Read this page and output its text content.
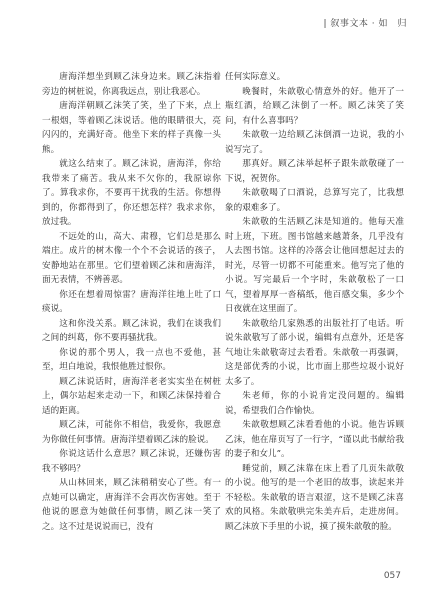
| 叙事文本 · 如　归

唐海洋想坐到顾乙沫身边来。顾乙沫指着旁边的树桩说，你离我远点，别让我恶心。

唐海洋朝顾乙沫笑了笑，坐了下来，点上一根烟，等着顾乙沫说话。他的眼睛很大，亮闪闪的，充满好奇。他坐下来的样子真像一头熊。

就这么结束了。顾乙沫说，唐海洋，你给我带来了痛苦。我从来不欠你的，我原谅你了。算我求你，不要再干扰我的生活。你想得到的，你都得到了，你还想怎样？我求求你，放过我。

不远处的山，高大、肃穆，它们总是那么端庄。成片的树木像一个个不会说话的孩子，安静地站在那里。它们望着顾乙沫和唐海洋，面无表情，不辨善恶。

你还在想着周惊雷？唐海洋往地上吐了口痰说。

这和你没关系。顾乙沫说，我们在谈我们之间的纠葛，你不要再骚扰我。

你说的那个男人，我一点也不爱他，甚至，坦白地说，我恨他胜过恨你。

顾乙沫说话时，唐海洋老老实实坐在树桩上，偶尔站起来走动一下，和顾乙沫保持着合适的距离。

顾乙沫，可能你不相信，我爱你，我愿意为你做任何事情。唐海洋望着顾乙沫的脸说。

你说这话什么意思？顾乙沫说，还嫌伤害我不够吗？

从山林回来，顾乙沫稍稍安心了些。有一点她可以确定，唐海洋不会再次伤害她。至于他说的愿意为她做任何事情，顾乙沫一笑了之。这不过是说说而已，没有

任何实际意义。

晚餐时，朱歆敬心情意外的好。他开了一瓶红酒，给顾乙沫倒了一杯。顾乙沫笑了笑问，有什么喜事吗？

朱歆敬一边给顾乙沫倒酒一边说，我的小说写完了。

那真好。顾乙沫举起杯子跟朱歆敬碰了一下说，祝贺你。

朱歆敬喝了口酒说，总算写完了，比我想象的艰难多了。

朱歆敬的生活顾乙沫是知道的。他每天准时上班，下班。图书馆越来越萧条，几乎没有人去图书馆。这样的冷落会让他回想起过去的时光，尽管一切都不可能重来。他写完了他的小说。写完最后一个字时，朱歆敬松了一口气，望着厚厚一沓稿纸，他百感交集，多少个日夜就在这里面了。

朱歆敬给几家熟悉的出版社打了电话。听说朱歆敬写了部小说，编辑有点意外，还是客气地让朱歆敬寄过去看看。朱歆敬一再强调，这是部优秀的小说，比市面上那些垃圾小说好太多了。

朱老师，你的小说肯定没问题的。编辑说，希望我们合作愉快。

朱歆敬想顾乙沫看看他的小说。他告诉顾乙沫，他在扉页写了一行字，“谨以此书献给我的妻子和女儿”。

睡觉前，顾乙沫靠在床上看了几页朱歆敬的小说。他写的是一个老旧的故事，读起来并不轻松。朱歆敬的语言艰涩，这不是顾乙沫喜欢的风格。朱歆敬哄完朱美卉后，走进房间。顾乙沫放下手里的小说，摸了摸朱歆敬的脸。

057
